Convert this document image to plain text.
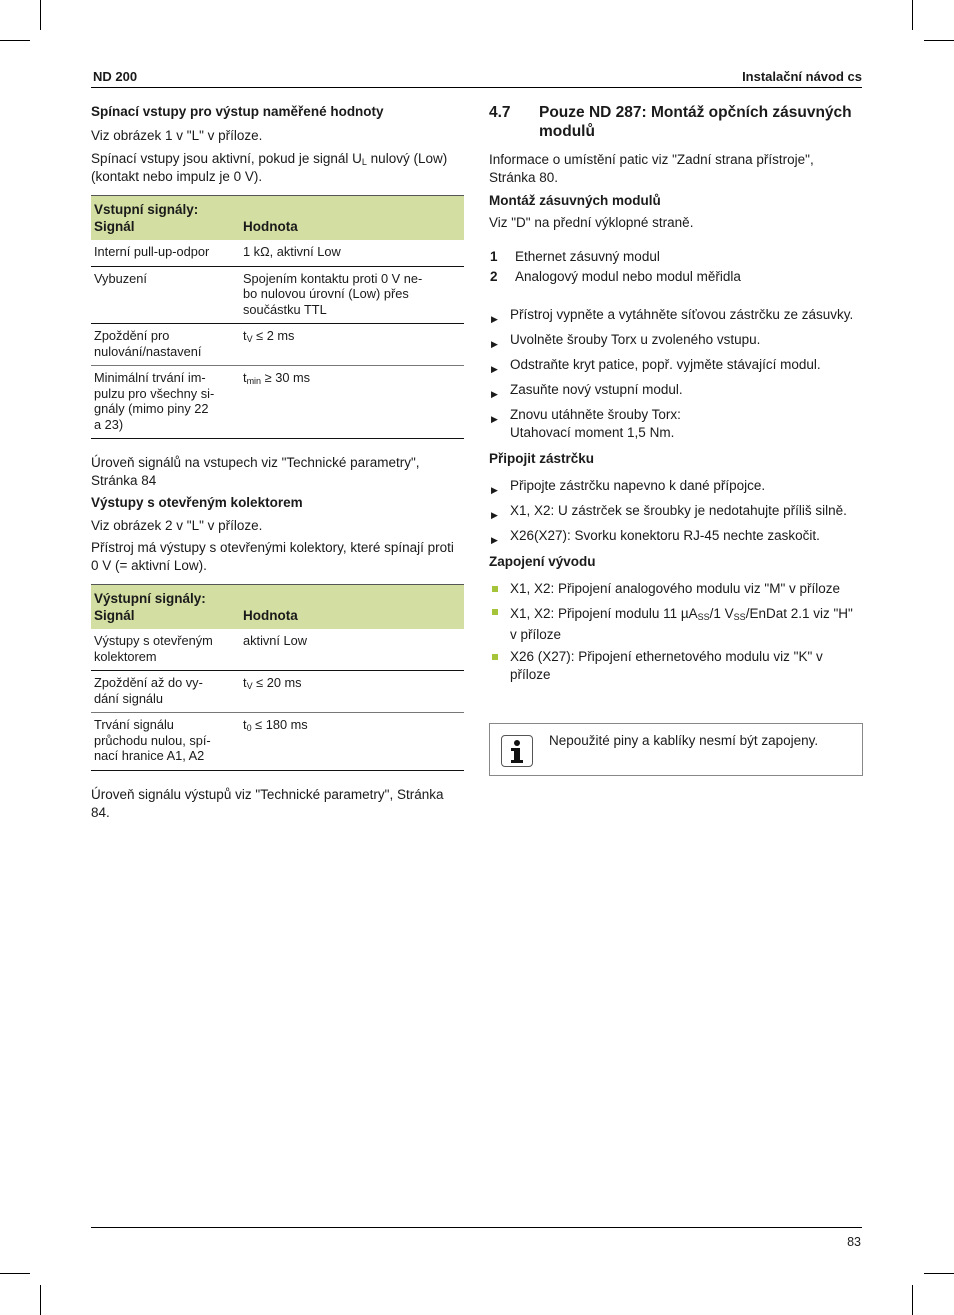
ND 200	Instalační návod cs

Spínací vstupy pro výstup naměřené hodnoty

Viz obrázek 1 v "L" v příloze.

Spínací vstupy jsou aktivní, pokud je signál $U_L$ nulový (Low) (kontakt nebo impulz je 0 V).

Vstupní signály:
Signál	Hodnota
Interní pull-up-odpor	1 kΩ, aktivní Low
Vybuzení	Spojením kontaktu proti 0 V ne-
bo nulovou úrovní (Low) přes
součástku TTL
Zpoždění pro
nulování/nastavení	$t_V \le 2$ ms
Minimální trvání im-
pulzu pro všechny si-
gnály (mimo piny 22
a 23)	$t_{min} \ge 30$ ms

Úroveň signálů na vstupech viz "Technické parametry", Stránka 84

Výstupy s otevřeným kolektorem

Viz obrázek 2 v "L" v příloze.

Přístroj má výstupy s otevřenými kolektory, které spínají proti 0 V (= aktivní Low).

Výstupní signály:
Signál	Hodnota
Výstupy s otevřeným
kolektorem	aktivní Low
Zpoždění až do vy-
dání signálu	$t_V \le 20$ ms
Trvání signálu
průchodu nulou, spí-
nací hranice A1, A2	$t_0 \le 180$ ms

Úroveň signálu výstupů viz "Technické parametry", Stránka 84.

4.7	Pouze ND 287: Montáž opčních zásuvných modulů

Informace o umístění patic viz "Zadní strana přístroje", Stránka 80.

Montáž zásuvných modulů

Viz "D" na přední výklopné straně.

1 Ethernet zásuvný modul

2 Analogový modul nebo modul měřidla

▶ Přístroj vypněte a vytáhněte síťovou zástrčku ze zásuvky.

▶ Uvolněte šrouby Torx u zvoleného vstupu.

▶ Odstraňte kryt patice, popř. vyjměte stávající modul.

▶ Zasuňte nový vstupní modul.

▶ Znovu utáhněte šrouby Torx:
Utahovací moment 1,5 Nm.

Připojit zástrčku

▶ Připojte zástrčku napevno k dané přípojce.

▶ X1, X2: U zástrček se šroubky je nedotahujte příliš silně.

▶ X26(X27): Svorku konektoru RJ-45 nechte zaskočit.

Zapojení vývodu

X1, X2: Připojení analogového modulu viz "M" v příloze

X1, X2: Připojení modulu 11 µA$_{SS}$/1 $V_{SS}$/EnDat 2.1 viz "H" v příloze

X26 (X27): Připojení ethernetového modulu viz "K" v příloze

Nepoužité piny a kablíky nesmí být zapojeny.
83
